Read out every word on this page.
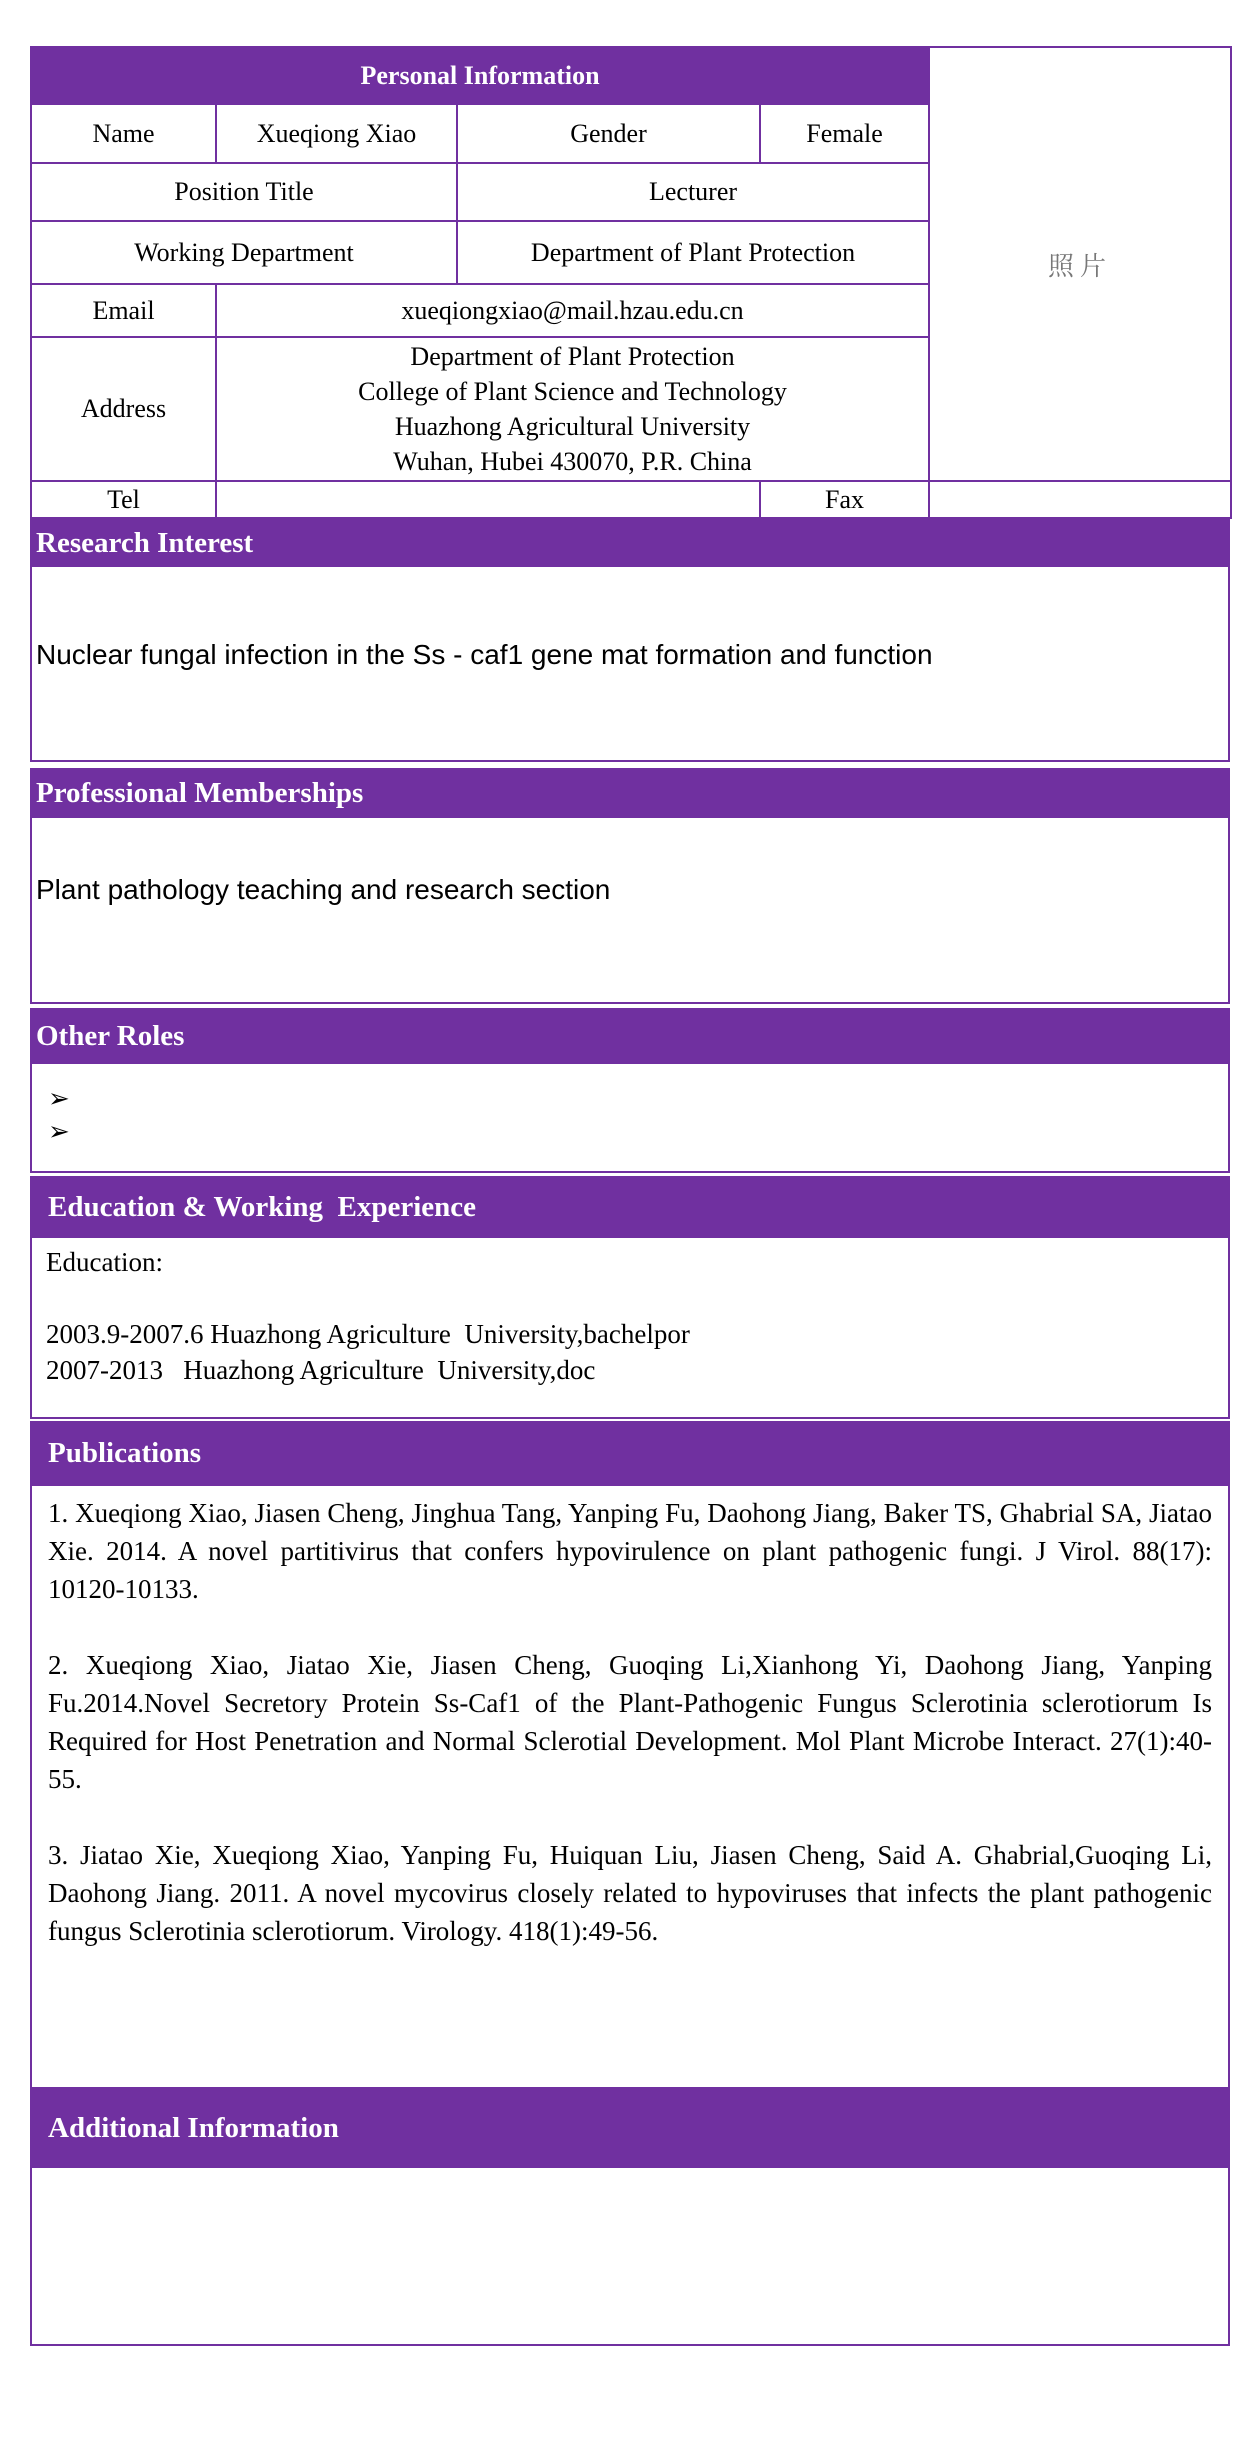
Personal Information				照片
Name	Xueqiong Xiao	Gender	Female	
Position Title		Lecturer		
Working Department		Department of Plant Protection		
Email	xueqiongxiao@mail.hzau.edu.cn			
Address	Department of Plant Protection
College of Plant Science and Technology
Huazhong Agricultural University
Wuhan, Hubei 430070, P.R. China			

Tel			Fax	
Research Interest

Nuclear fungal infection in the Ss - caf1 gene mat formation and function

Professional Memberships

Plant pathology teaching and research section

Other Roles
➢
➢
Education & Working  Experience
Education:
2003.9-2007.6 Huazhong Agriculture  University,bachelpor
2007-2013   Huazhong Agriculture  University,doc
Publications

1. Xueqiong Xiao, Jiasen Cheng, Jinghua Tang, Yanping Fu, Daohong Jiang, Baker TS, Ghabrial SA, Jiatao Xie. 2014. A novel partitivirus that confers hypovirulence on plant pathogenic fungi. J Virol. 88(17): 10120-10133.

2. Xueqiong Xiao, Jiatao Xie, Jiasen Cheng, Guoqing Li,Xianhong Yi, Daohong Jiang, Yanping Fu.2014.Novel Secretory Protein Ss-Caf1 of the Plant-Pathogenic Fungus Sclerotinia sclerotiorum Is Required for Host Penetration and Normal Sclerotial Development. Mol Plant Microbe Interact. 27(1):40-55.

3. Jiatao Xie, Xueqiong Xiao, Yanping Fu, Huiquan Liu, Jiasen Cheng, Said A. Ghabrial,Guoqing Li, Daohong Jiang. 2011. A novel mycovirus closely related to hypoviruses that infects the plant pathogenic fungus Sclerotinia sclerotiorum. Virology. 418(1):49-56.

Additional Information
